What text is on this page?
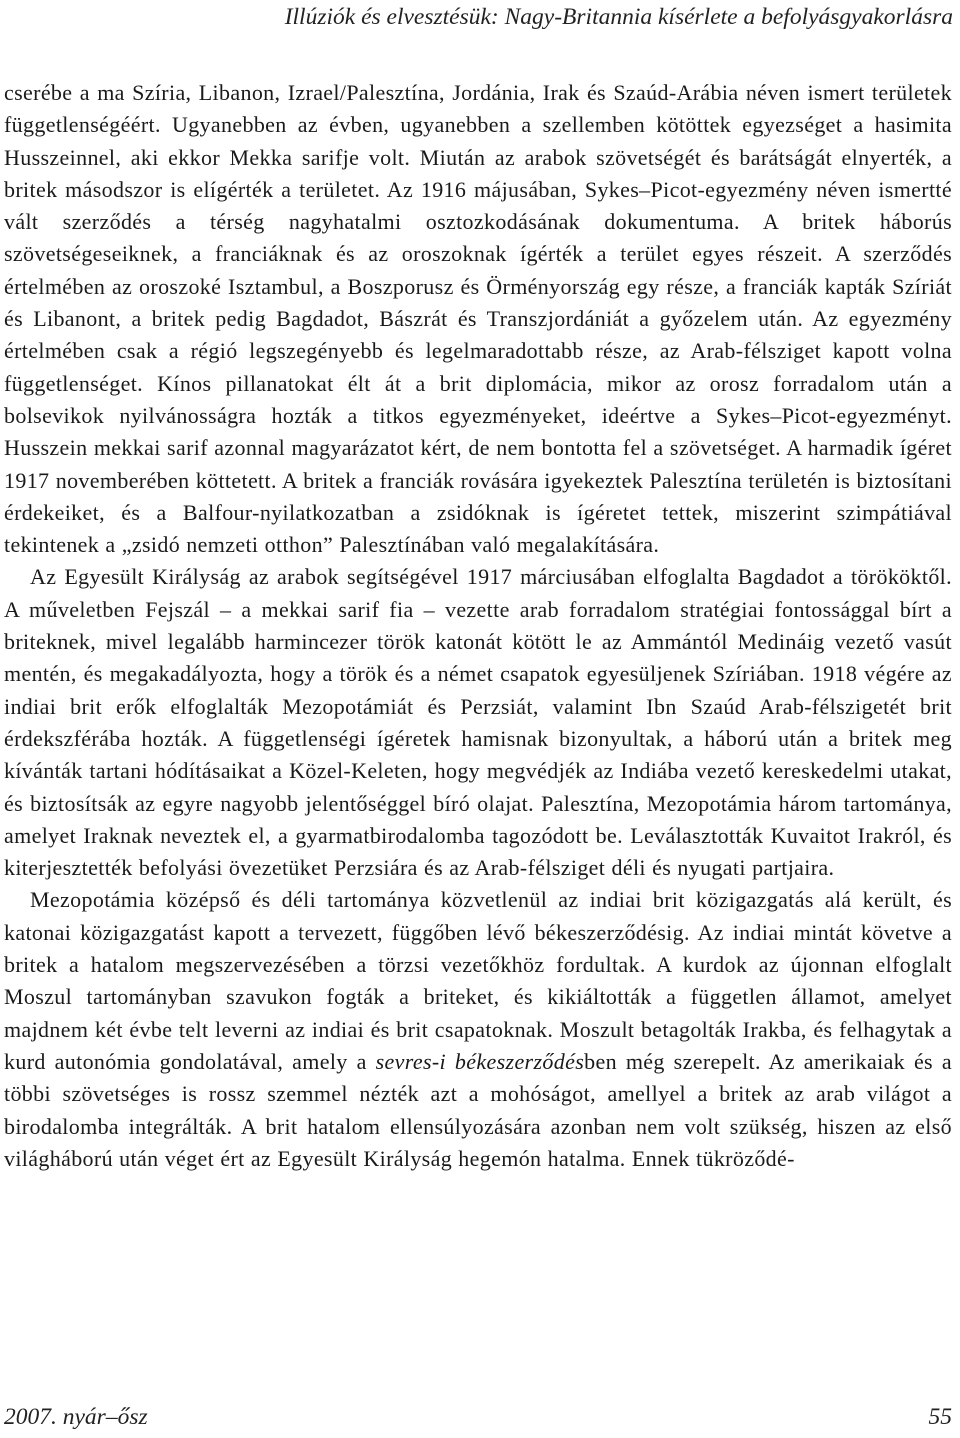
Illúziók és elvesztésük: Nagy-Britannia kísérlete a befolyásgyakorlásra

cserébe a ma Szíria, Libanon, Izrael/Palesztína, Jordánia, Irak és Szaúd-Arábia néven ismert területek függetlenségéért. Ugyanebben az évben, ugyanebben a szellemben kötöttek egyezséget a hasimita Husszeinnel, aki ekkor Mekka sarifje volt. Miután az arabok szövetségét és barátságát elnyerték, a britek másodszor is elígérték a területet. Az 1916 májusában, Sykes–Picot-egyezmény néven ismertté vált szerződés a térség nagyhatalmi osztozkodásának dokumentuma. A britek háborús szövetségeseiknek, a franciáknak és az oroszoknak ígérték a terület egyes részeit. A szerződés értelmében az oroszoké Isztambul, a Boszporusz és Örményország egy része, a franciák kapták Szíriát és Libanont, a britek pedig Bagdadot, Bászrát és Transzjordániát a győzelem után. Az egyezmény értelmében csak a régió legszegényebb és legelmaradottabb része, az Arab-félsziget kapott volna függetlenséget. Kínos pillanatokat élt át a brit diplomácia, mikor az orosz forradalom után a bolsevikok nyilvánosságra hozták a titkos egyezményeket, ideértve a Sykes–Picot-egyezményt. Husszein mekkai sarif azonnal magyarázatot kért, de nem bontotta fel a szövetséget. A harmadik ígéret 1917 novemberében köttetett. A britek a franciák rovására igyekeztek Palesztína területén is biztosítani érdekeiket, és a Balfour-nyilatkozatban a zsidóknak is ígéretet tettek, miszerint szimpátiával tekintenek a „zsidó nemzeti otthon” Palesztínában való megalakítására.

Az Egyesült Királyság az arabok segítségével 1917 márciusában elfoglalta Bagdadot a törököktől. A műveletben Fejszál – a mekkai sarif fia – vezette arab forradalom stratégiai fontossággal bírt a briteknek, mivel legalább harmincezer török katonát kötött le az Ammántól Medináig vezető vasút mentén, és megakadályozta, hogy a török és a német csapatok egyesüljenek Szíriában. 1918 végére az indiai brit erők elfoglalták Mezopotámiát és Perzsiát, valamint Ibn Szaúd Arab-félszigetét brit érdekszférába hozták. A függetlenségi ígéretek hamisnak bizonyultak, a háború után a britek meg kívánták tartani hódításaikat a Közel-Keleten, hogy megvédjék az Indiába vezető kereskedelmi utakat, és biztosítsák az egyre nagyobb jelentőséggel bíró olajat. Palesztína, Mezopotámia három tartománya, amelyet Iraknak neveztek el, a gyarmatbirodalomba tagozódott be. Leválasztották Kuvaitot Irakról, és kiterjesztették befolyási övezetüket Perzsiára és az Arab-félsziget déli és nyugati partjaira.

Mezopotámia középső és déli tartománya közvetlenül az indiai brit közigazgatás alá került, és katonai közigazgatást kapott a tervezett, függőben lévő békeszerződésig. Az indiai mintát követve a britek a hatalom megszervezésében a törzsi vezetőkhöz fordultak. A kurdok az újonnan elfoglalt Moszul tartományban szavukon fogták a briteket, és kikiáltották a független államot, amelyet majdnem két évbe telt leverni az indiai és brit csapatoknak. Moszult betagolták Irakba, és felhagytak a kurd autonómia gondolatával, amely a sevres-i békeszerződésben még szerepelt. Az amerikaiak és a többi szövetséges is rossz szemmel nézték azt a mohóságot, amellyel a britek az arab világot a birodalomba integrálták. A brit hatalom ellensúlyozására azonban nem volt szükség, hiszen az első világháború után véget ért az Egyesült Királyság hegemón hatalma. Ennek tükröződé-

2007. nyár–ősz	55
